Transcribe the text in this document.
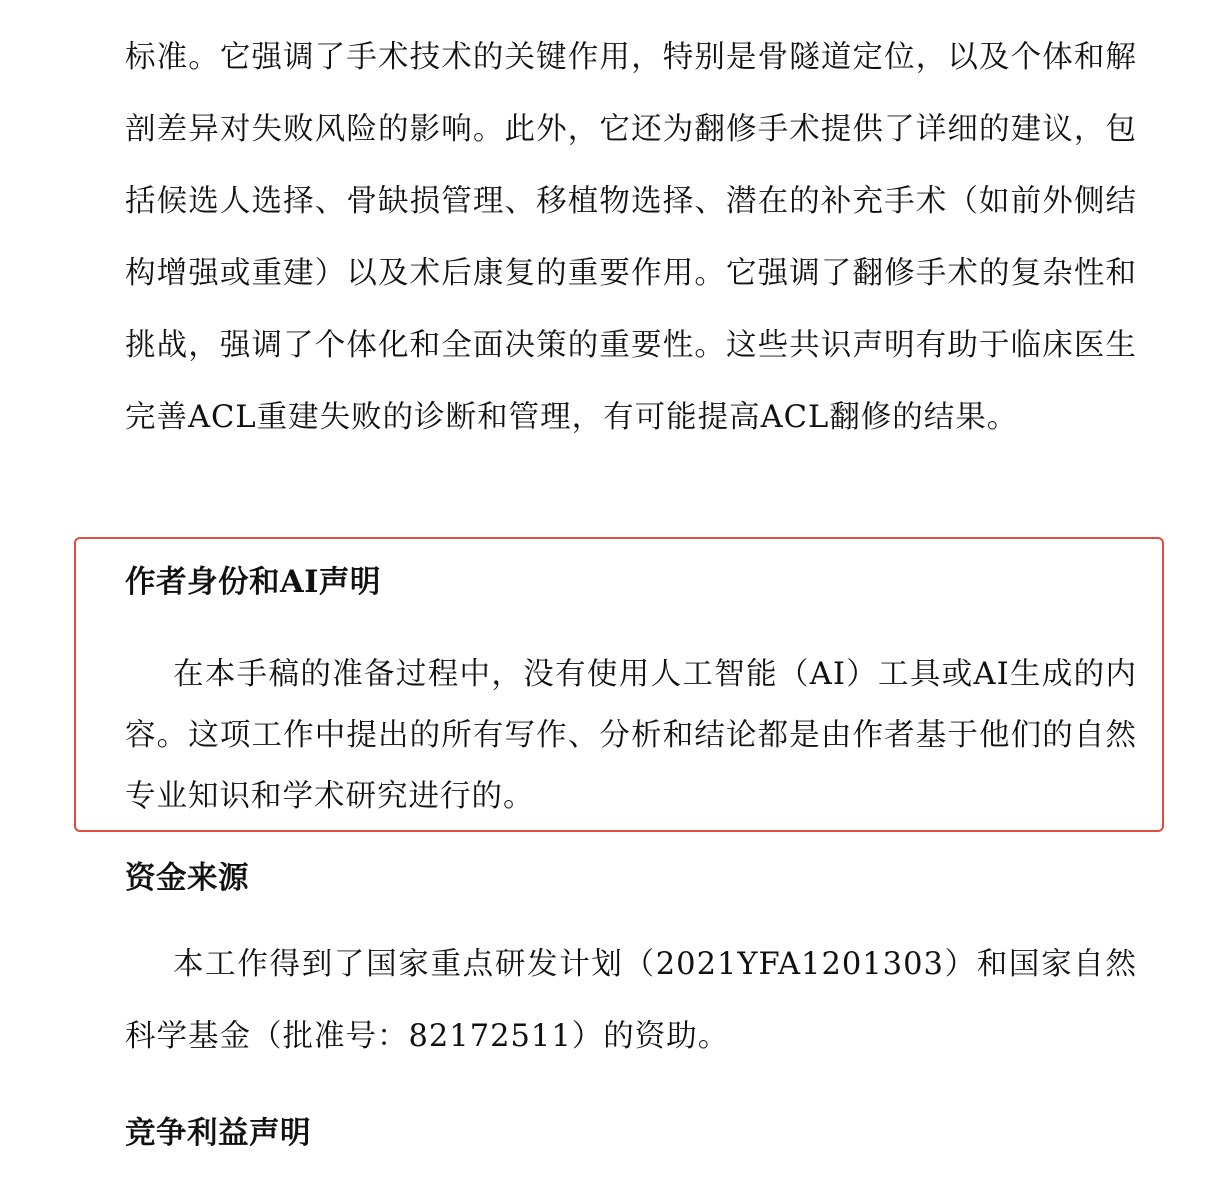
标准。它强调了手术技术的关键作用，特别是骨隧道定位，以及个体和解剖差异对失败风险的影响。此外，它还为翻修手术提供了详细的建议，包括候选人选择、骨缺损管理、移植物选择、潜在的补充手术（如前外侧结构增强或重建）以及术后康复的重要作用。它强调了翻修手术的复杂性和挑战，强调了个体化和全面决策的重要性。这些共识声明有助于临床医生完善ACL重建失败的诊断和管理，有可能提高ACL翻修的结果。

作者身份和AI声明

在本手稿的准备过程中，没有使用人工智能（AI）工具或AI生成的内容。这项工作中提出的所有写作、分析和结论都是由作者基于他们的自然专业知识和学术研究进行的。

资金来源

本工作得到了国家重点研发计划（2021YFA1201303）和国家自然科学基金（批准号：82172511）的资助。

竞争利益声明
